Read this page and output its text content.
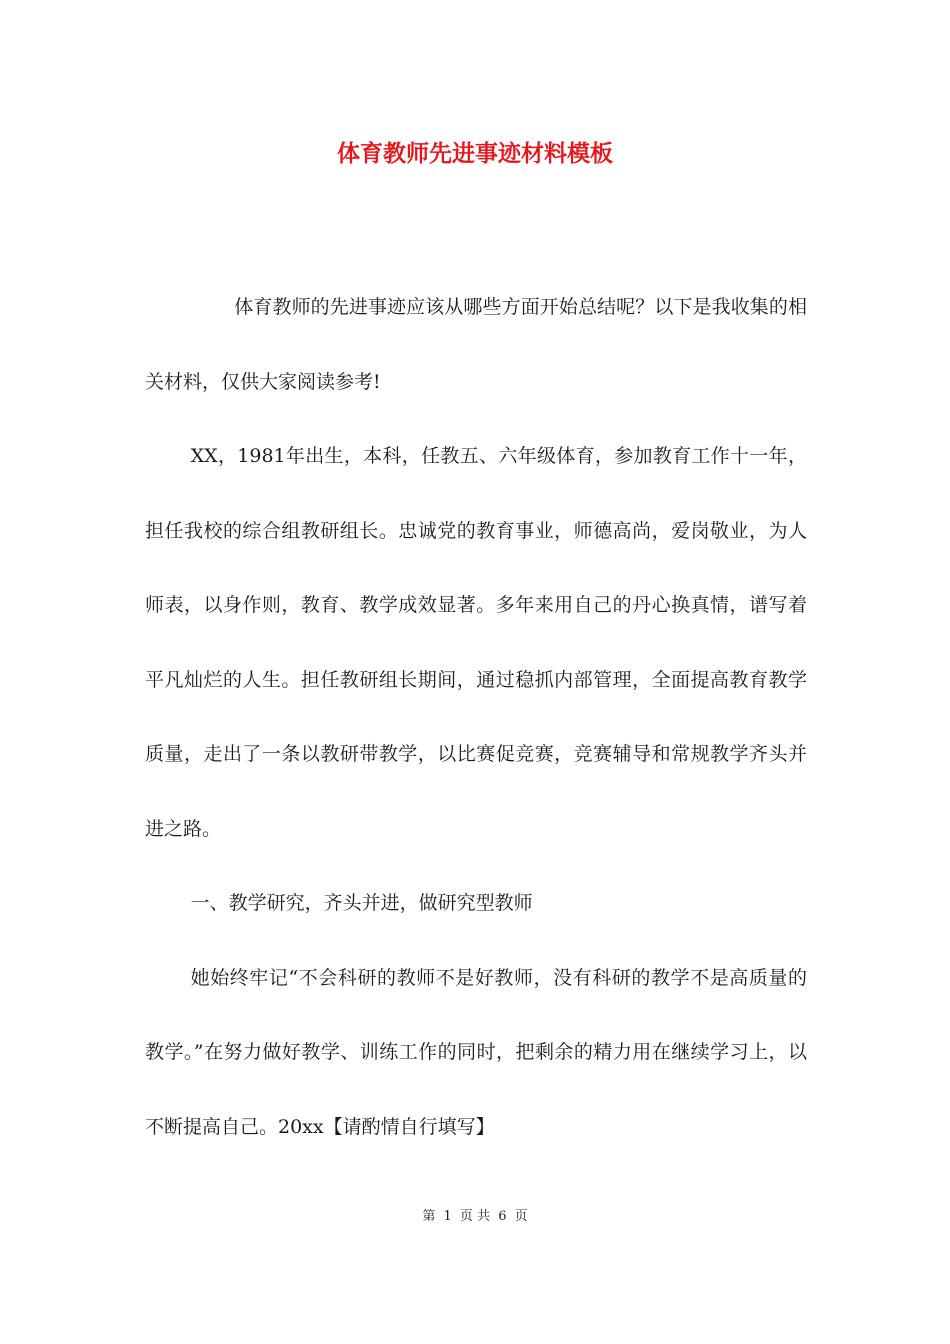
体育教师先进事迹材料模板

体育教师的先进事迹应该从哪些方面开始总结呢？以下是我收集的相关材料，仅供大家阅读参考!

XX，1981年出生，本科，任教五、六年级体育，参加教育工作十一年，担任我校的综合组教研组长。忠诚党的教育事业，师德高尚，爱岗敬业，为人师表，以身作则，教育、教学成效显著。多年来用自己的丹心换真情，谱写着平凡灿烂的人生。担任教研组长期间，通过稳抓内部管理，全面提高教育教学质量，走出了一条以教研带教学，以比赛促竞赛，竞赛辅导和常规教学齐头并进之路。

一、教学研究，齐头并进，做研究型教师

她始终牢记“不会科研的教师不是好教师，没有科研的教学不是高质量的教学。”在努力做好教学、训练工作的同时，把剩余的精力用在继续学习上，以不断提高自己。20xx【请酌情自行填写】

第 1 页 共 6 页
